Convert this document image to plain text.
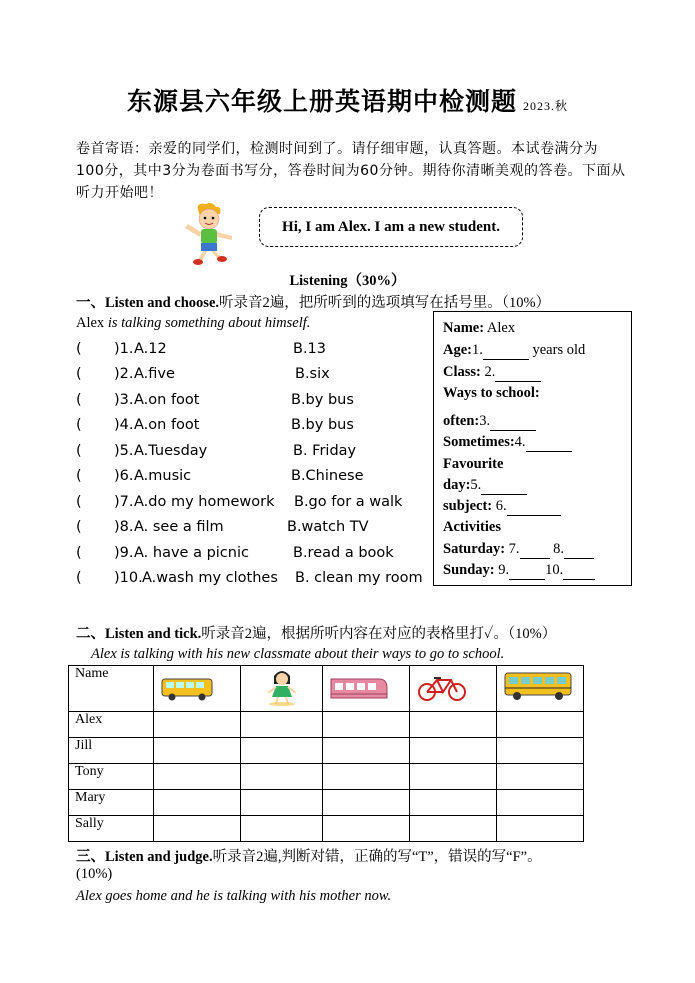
东源县六年级上册英语期中检测题 2023.秋
卷首寄语：亲爱的同学们，检测时间到了。请仔细审题，认真答题。本试卷满分为100分，其中3分为卷面书写分，答卷时间为60分钟。期待你清晰美观的答卷。下面从听力开始吧！
Hi, I am Alex. I am a new student.
Listening（30%）
一、Listen and choose.听录音2遍，把所听到的选项填写在括号里。（10%）
Alex is talking something about himself.
( )1. A.12	B.13
( )2. A.five	B.six
( )3. A.on foot	B.by bus
( )4. A.on foot	B.by bus
( )5. A.Tuesday	B. Friday
( )6. A.music	B.Chinese
( )7. A.do my homework B.go for a walk
( )8. A. see a film	B.watch TV
( )9. A. have a picnic	B.read a book
( )10. A.wash my clothes B. clean my room
Name: Alex
Age:1.	years old
Class: 2.
Ways to school:
often:3.
Sometimes:4.
Favourite
day:5.
subject: 6.
Activities
Saturday: 7.  8.
Sunday: 9. 10.
二、Listen and tick.听录音2遍，根据所听内容在对应的表格里打✓。（10%）
Alex is talking with his new classmate about their ways to go to school.
Name					
Alex					
Jill					
Tony					
Mary					
Sally					
三、Listen and judge.听录音2遍,判断对错，正确的写“T”，错误的写“F”。
(10%)
Alex goes home and he is talking with his mother now.
